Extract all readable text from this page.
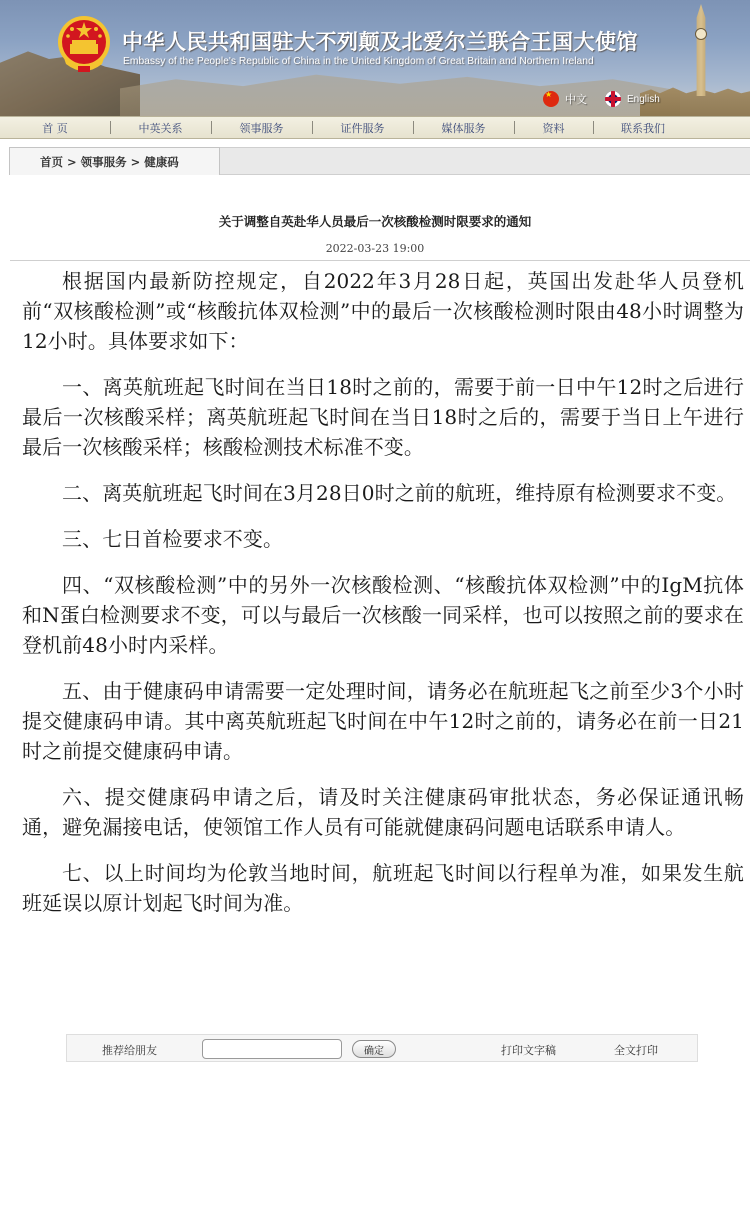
中华人民共和国驻大不列颠及北爱尔兰联合王国大使馆
Embassy of the People's Republic of China in the United Kingdom of Great Britain and Northern Ireland
★
中文	English
首 页	中英关系	领事服务	证件服务	媒体服务	资料	联系我们
首页 > 领事服务 > 健康码
关于调整自英赴华人员最后一次核酸检测时限要求的通知
2022-03-23 19:00

根据国内最新防控规定，自2022年3月28日起，英国出发赴华人员登机前“双核酸检测”或“核酸抗体双检测”中的最后一次核酸检测时限由48小时调整为12小时。具体要求如下：

一、离英航班起飞时间在当日18时之前的，需要于前一日中午12时之后进行最后一次核酸采样；离英航班起飞时间在当日18时之后的，需要于当日上午进行最后一次核酸采样；核酸检测技术标准不变。

二、离英航班起飞时间在3月28日0时之前的航班，维持原有检测要求不变。

三、七日首检要求不变。

四、“双核酸检测”中的另外一次核酸检测、“核酸抗体双检测”中的IgM抗体和N蛋白检测要求不变，可以与最后一次核酸一同采样，也可以按照之前的要求在登机前48小时内采样。

五、由于健康码申请需要一定处理时间，请务必在航班起飞之前至少3个小时提交健康码申请。其中离英航班起飞时间在中午12时之前的，请务必在前一日21时之前提交健康码申请。

六、提交健康码申请之后，请及时关注健康码审批状态，务必保证通讯畅通，避免漏接电话，使领馆工作人员有可能就健康码问题电话联系申请人。

七、以上时间均为伦敦当地时间，航班起飞时间以行程单为准，如果发生航班延误以原计划起飞时间为准。

推荐给朋友	确定	打印文字稿	全文打印
